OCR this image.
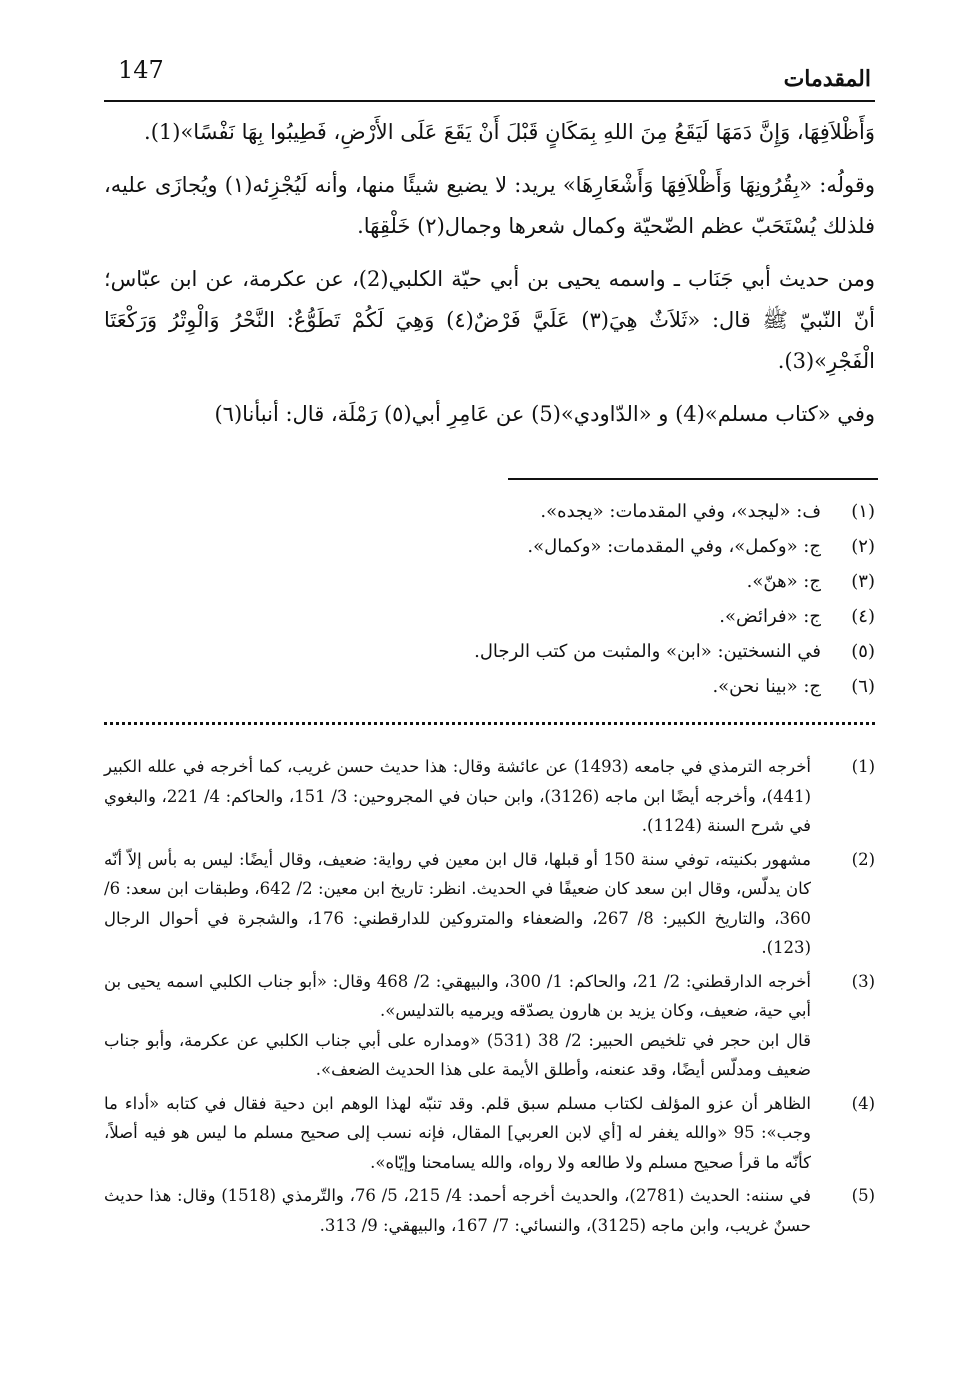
147	المقدمات

وَأَظْلاَفِهَا، وَإِنَّ دَمَهَا لَيَقَعُ مِنَ اللهِ بِمَكَانٍ قَبْلَ أَنْ يَقَعَ عَلَى الأَرْضِ، فَطِيبُوا بِهَا نَفْسًا»(1).

وقولُه: «بِقُرُونِهَا وَأَظْلاَفِهَا وَأَشْعَارِهَا» يريد: لا يضيع شيئًا منها، وأنه لَيُجْزِئه(١) ويُجازَى عليه، فلذلك يُسْتَحَبّ عظم الضّحيّة وكمال شعرها وجمال(٢) خَلْقِهَا.

ومن حديث أبي جَنَاب ـ واسمه يحيى بن أبي حيّة الكلبي(2)، عن عكرمة، عن ابن عبّاس؛ أنّ النّبيّ ﷺ قال: «ثَلاَثٌ هِيَ(٣) عَلَيَّ فَرْضٌ(٤) وَهِيَ لَكُمْ تَطَوُّعٌ: النَّحْرُ وَالْوِتْرُ وَرَكْعَتَا الْفَجْرِ»(3).

وفي «كتاب مسلم»(4) و «الدّاودي»(5) عن عَامِرِ أبي(٥) رَمْلَة، قال: أنبأنا(٦)

(١)
ف: «ليجد»، وفي المقدمات: «يجده».
(٢)
ج: «وكمل»، وفي المقدمات: «وكمال».
(٣)
ج: «هنّ».
(٤)
ج: «فرائض».
(٥)
في النسختين: «ابن» والمثبت من كتب الرجال.
(٦)
ج: «بينا نحن».
(1)
أخرجه الترمذي في جامعه (1493) عن عائشة وقال: هذا حديث حسن غريب، كما أخرجه في علله الكبير (441)، وأخرجه أيضًا ابن ماجه (3126)، وابن حبان في المجروحين: 3/ 151، والحاكم: 4/ 221، والبغوي في شرح السنة (1124).
(2)
مشهور بكنيته، توفي سنة 150 أو قبلها، قال ابن معين في رواية: ضعيف، وقال أيضًا: ليس به بأس إلاّ أنّه كان يدلّس، وقال ابن سعد كان ضعيفًا في الحديث. انظر: تاريخ ابن معين: 2/ 642، وطبقات ابن سعد: 6/ 360، والتاريخ الكبير: 8/ 267، والضعفاء والمتروكين للدارقطني: 176، والشجرة في أحوال الرجال (123).
(3)
أخرجه الدارقطني: 2/ 21، والحاكم: 1/ 300، والبيهقي: 2/ 468 وقال: «أبو جناب الكلبي اسمه يحيى بن أبي حية، ضعيف، وكان يزيد بن هارون يصدّقه ويرميه بالتدليس».
قال ابن حجر في تلخيص الحبير: 2/ 38 (531) «ومداره على أبي جناب الكلبي عن عكرمة، وأبو جناب ضعيف ومدلّس أيضًا، وقد عنعنه، وأطلق الأيمة على هذا الحديث الضعف».
(4)
الظاهر أن عزو المؤلف لكتاب مسلم سبق قلم. وقد تنبّه لهذا الوهم ابن دحية فقال في كتابه «أداء ما وجب»: 95 «والله يغفر له [أي لابن العربي] المقال، فإنه نسب إلى صحيح مسلم ما ليس هو فيه أصلاً، كأنّه ما قرأ صحيح مسلم ولا طالعه ولا رواه، والله يسامحنا وإيّاه».
(5)
في سننه: الحديث (2781)، والحديث أخرجه أحمد: 4/ 215، 5/ 76، والتّرمذي (1518) وقال: هذا حديث حسنٌ غريب، وابن ماجه (3125)، والنسائي: 7/ 167، والبيهقي: 9/ 313.
